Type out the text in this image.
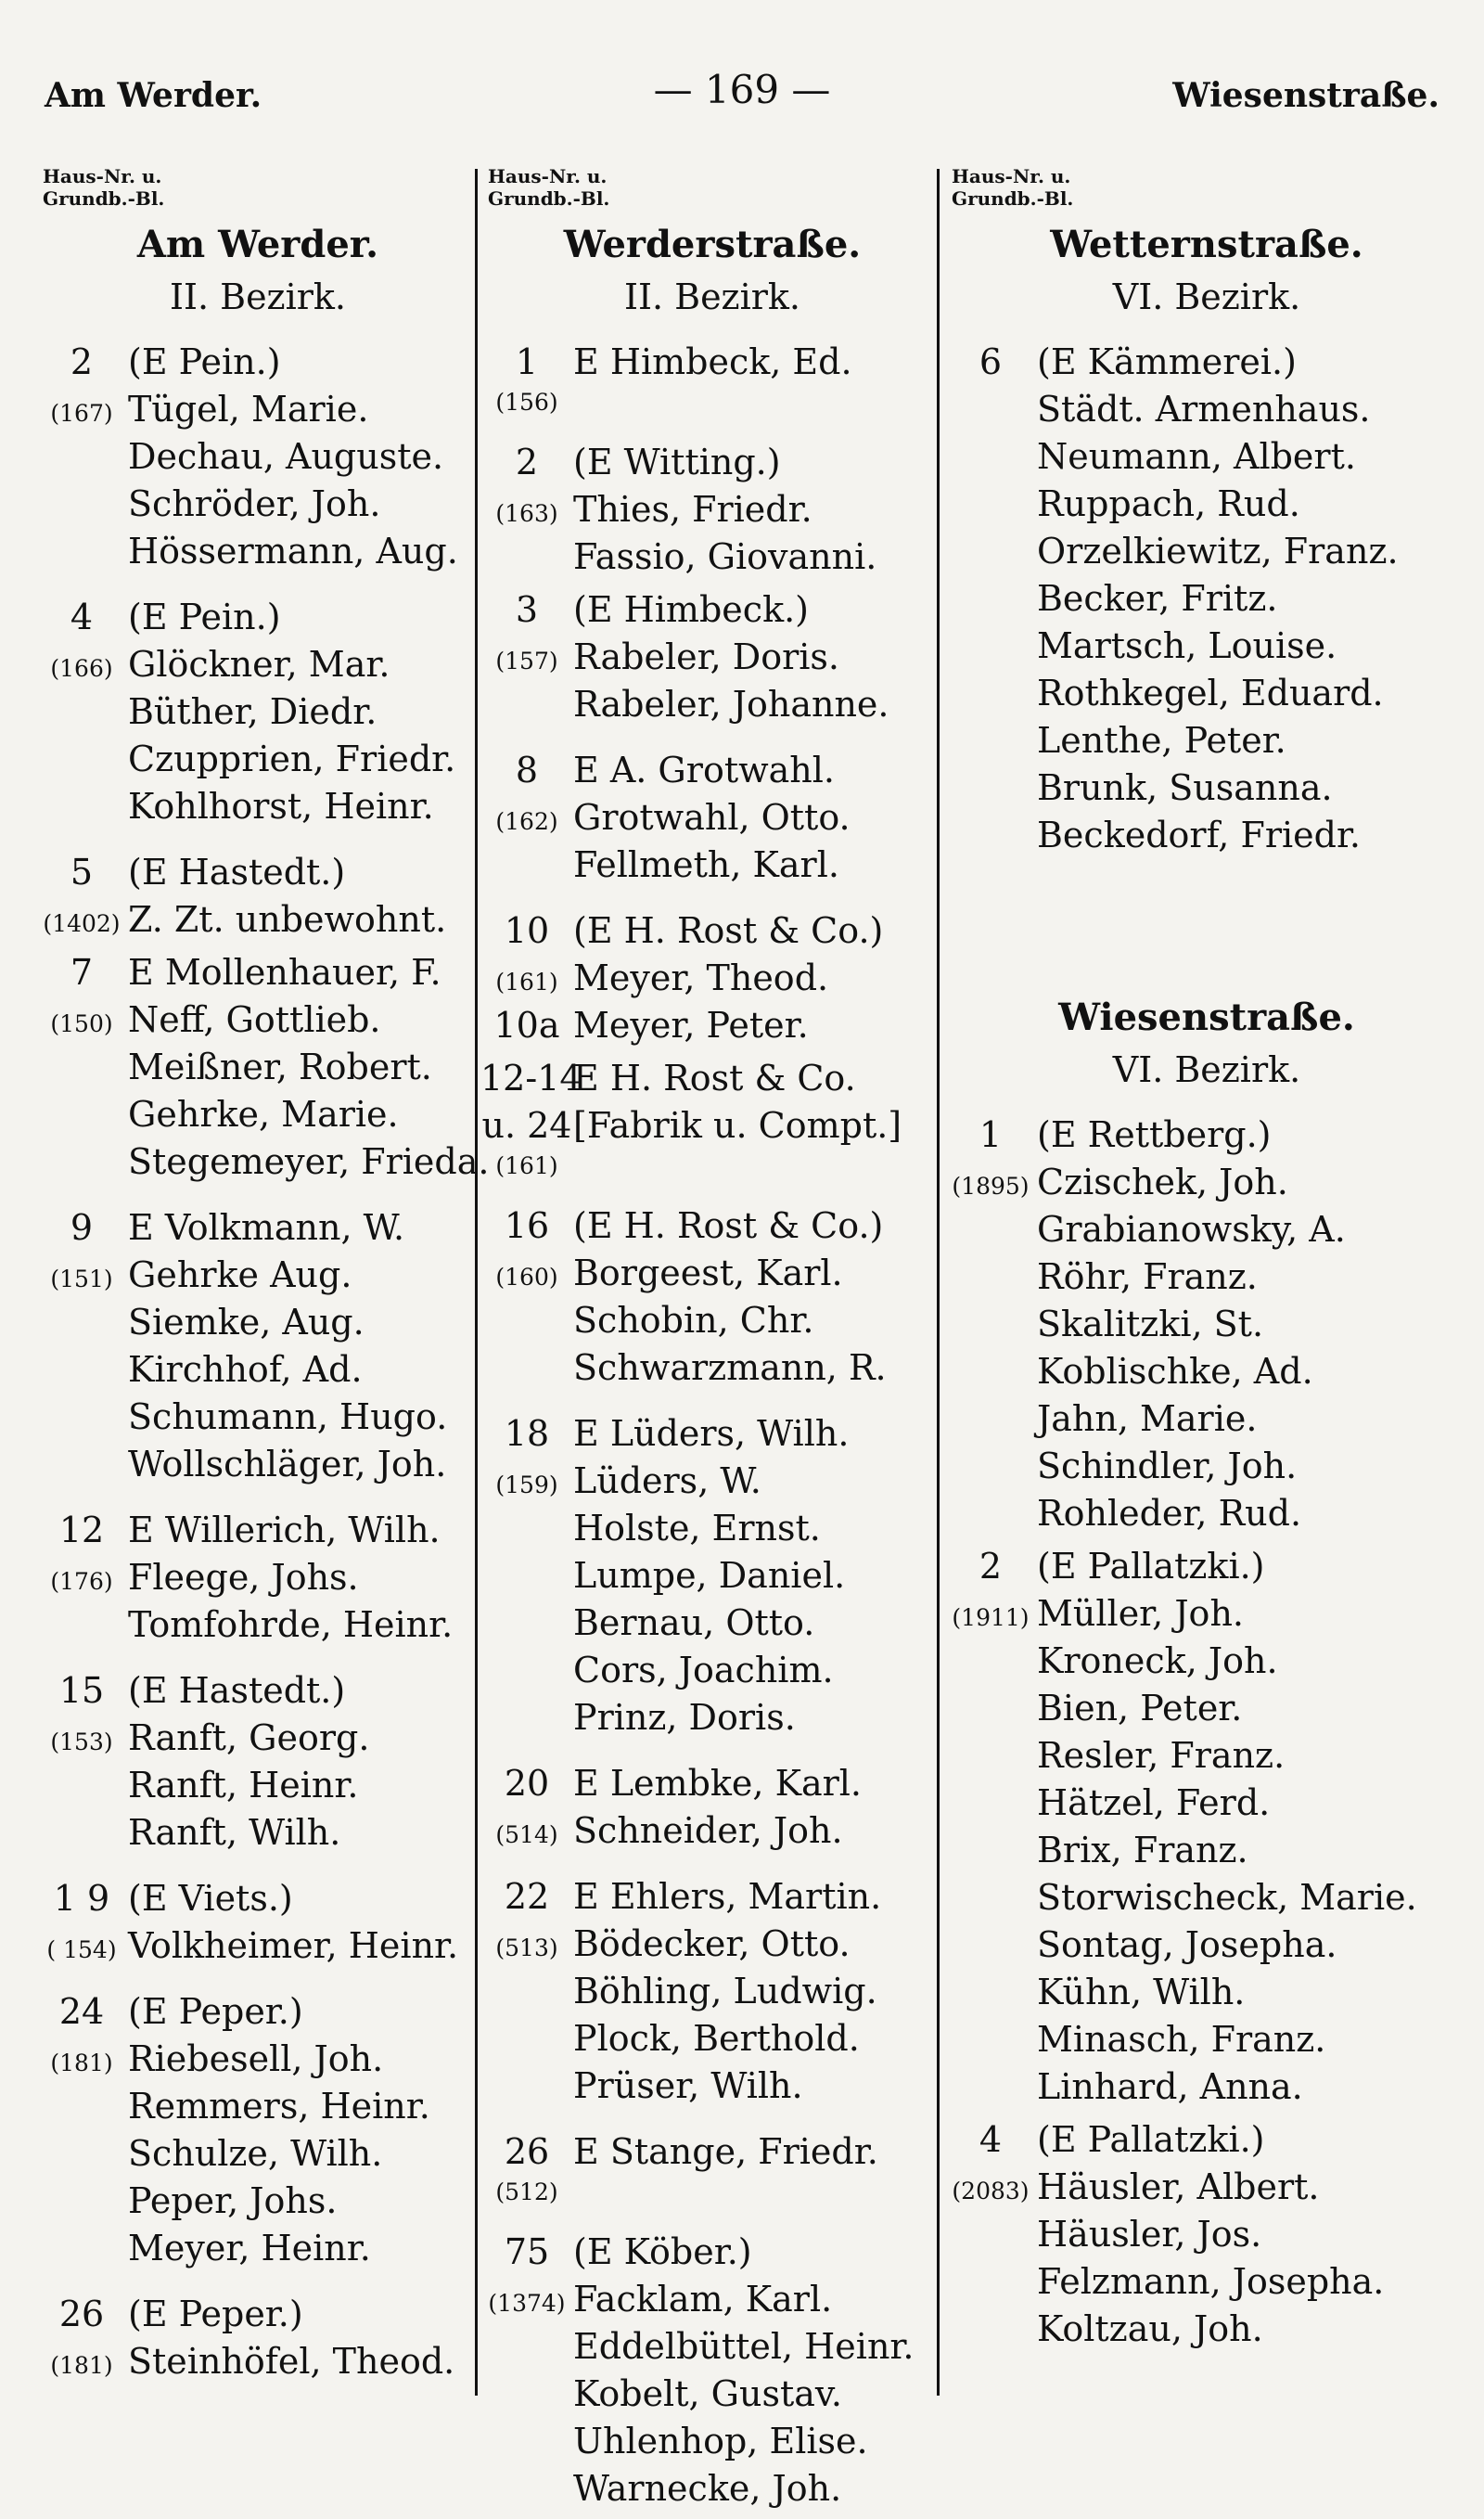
Am Werder.	— 169 —	Wiesenstraße.
Haus-Nr. u.
Grundb.-Bl.
Am Werder.
II. Bezirk.
2 (E Pein.)
(167) Tügel, Marie.
Dechau, Auguste.
Schröder, Joh.
Hössermann, Aug.
4 (E Pein.)
(166) Glöckner, Mar.
Büther, Diedr.
Czupprien, Friedr.
Kohlhorst, Heinr.
5 (E Hastedt.)
(1402) Z. Zt. unbewohnt.
7 E Mollenhauer, F.
(150) Neff, Gottlieb.
Meißner, Robert.
Gehrke, Marie.
Stegemeyer, Frieda.
9 E Volkmann, W.
(151) Gehrke Aug.
Siemke, Aug.
Kirchhof, Ad.
Schumann, Hugo.
Wollschläger, Joh.
12 E Willerich, Wilh.
(176) Fleege, Johs.
Tomfohrde, Heinr.
15 (E Hastedt.)
(153) Ranft, Georg.
Ranft, Heinr.
Ranft, Wilh.
1 9 (E Viets.)
( 154) Volkheimer, Heinr.
24 (E Peper.)
(181) Riebesell, Joh.
Remmers, Heinr.
Schulze, Wilh.
Peper, Johs.
Meyer, Heinr.
26 (E Peper.)
(181) Steinhöfel, Theod.
Haus-Nr. u.
Grundb.-Bl.
Werderstraße.
II. Bezirk.
1 E Himbeck, Ed.
(156)
2 (E Witting.)
(163) Thies, Friedr.
Fassio, Giovanni.
3 (E Himbeck.)
(157) Rabeler, Doris.
Rabeler, Johanne.
8 E A. Grotwahl.
(162) Grotwahl, Otto.
Fellmeth, Karl.
10 (E H. Rost & Co.)
(161) Meyer, Theod.
10a Meyer, Peter.
12-14
E H. Rost & Co.
u. 24 [Fabrik u. Compt.]
(161)
16 (E H. Rost & Co.)
(160) Borgeest, Karl.
Schobin, Chr.
Schwarzmann, R.
18 E Lüders, Wilh.
(159) Lüders, W.
Holste, Ernst.
Lumpe, Daniel.
Bernau, Otto.
Cors, Joachim.
Prinz, Doris.
20 E Lembke, Karl.
(514) Schneider, Joh.
22 E Ehlers, Martin.
(513) Bödecker, Otto.
Böhling, Ludwig.
Plock, Berthold.
Prüser, Wilh.
26 E Stange, Friedr.
(512)
75 (E Köber.)
(1374) Facklam, Karl.
Eddelbüttel, Heinr.
Kobelt, Gustav.
Uhlenhop, Elise.
Warnecke, Joh.
Haus-Nr. u.
Grundb.-Bl.
Wetternstraße.
VI. Bezirk.
6 (E Kämmerei.)
Städt. Armenhaus.
Neumann, Albert.
Ruppach, Rud.
Orzelkiewitz, Franz.
Becker, Fritz.
Martsch, Louise.
Rothkegel, Eduard.
Lenthe, Peter.
Brunk, Susanna.
Beckedorf, Friedr.
Wiesenstraße.
VI. Bezirk.
1 (E Rettberg.)
(1895) Czischek, Joh.
Grabianowsky, A.
Röhr, Franz.
Skalitzki, St.
Koblischke, Ad.
Jahn, Marie.
Schindler, Joh.
Rohleder, Rud.
2 (E Pallatzki.)
(1911) Müller, Joh.
Kroneck, Joh.
Bien, Peter.
Resler, Franz.
Hätzel, Ferd.
Brix, Franz.
Storwischeck, Marie.
Sontag, Josepha.
Kühn, Wilh.
Minasch, Franz.
Linhard, Anna.
4 (E Pallatzki.)
(2083) Häusler, Albert.
Häusler, Jos.
Felzmann, Josepha.
Koltzau, Joh.
